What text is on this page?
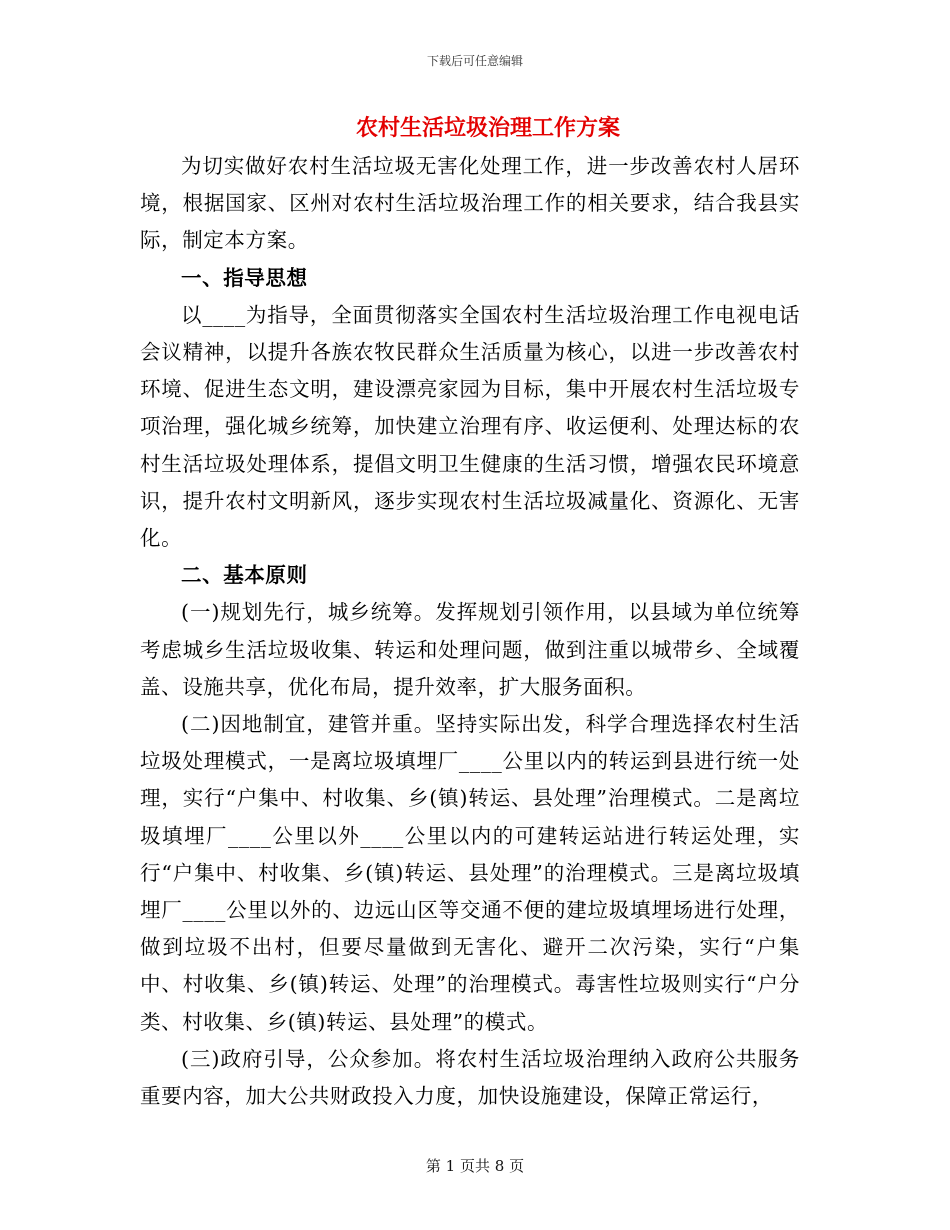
下载后可任意编辑
农村生活垃圾治理工作方案

为切实做好农村生活垃圾无害化处理工作，进一步改善农村人居环境，根据国家、区州对农村生活垃圾治理工作的相关要求，结合我县实际，制定本方案。

一、指导思想

以____为指导，全面贯彻落实全国农村生活垃圾治理工作电视电话会议精神，以提升各族农牧民群众生活质量为核心，以进一步改善农村环境、促进生态文明，建设漂亮家园为目标，集中开展农村生活垃圾专项治理，强化城乡统筹，加快建立治理有序、收运便利、处理达标的农村生活垃圾处理体系，提倡文明卫生健康的生活习惯，增强农民环境意识，提升农村文明新风，逐步实现农村生活垃圾减量化、资源化、无害化。

二、基本原则

(一)规划先行，城乡统筹。发挥规划引领作用，以县域为单位统筹考虑城乡生活垃圾收集、转运和处理问题，做到注重以城带乡、全域覆盖、设施共享，优化布局，提升效率，扩大服务面积。

(二)因地制宜，建管并重。坚持实际出发，科学合理选择农村生活垃圾处理模式，一是离垃圾填埋厂____公里以内的转运到县进行统一处理，实行“户集中、村收集、乡(镇)转运、县处理”治理模式。二是离垃圾填埋厂____公里以外____公里以内的可建转运站进行转运处理，实行“户集中、村收集、乡(镇)转运、县处理”的治理模式。三是离垃圾填埋厂____公里以外的、边远山区等交通不便的建垃圾填埋场进行处理，做到垃圾不出村，但要尽量做到无害化、避开二次污染，实行“户集中、村收集、乡(镇)转运、处理”的治理模式。毒害性垃圾则实行“户分类、村收集、乡(镇)转运、县处理”的模式。

(三)政府引导，公众参加。将农村生活垃圾治理纳入政府公共服务重要内容，加大公共财政投入力度，加快设施建设，保障正常运行，

第 1 页共 8 页
